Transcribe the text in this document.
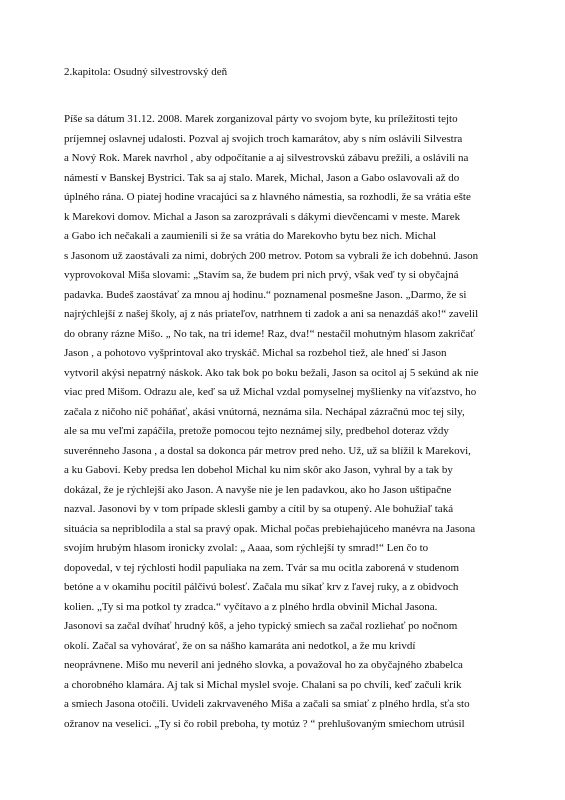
2.kapitola: Osudný silvestrovský deň
Píše sa dátum 31.12. 2008. Marek zorganizoval párty vo svojom byte, ku príležitosti tejto
príjemnej oslavnej udalosti. Pozval aj svojich troch kamarátov, aby s ním oslávili Silvestra
a Nový Rok. Marek navrhol , aby odpočítanie a aj silvestrovskú zábavu prežili, a oslávili na
námestí v Banskej Bystrici. Tak sa aj stalo. Marek, Michal, Jason a Gabo oslavovali až do
úplného rána. O piatej hodine vracajúci sa z hlavného námestia, sa rozhodli, že sa vrátia ešte
k Marekovi domov. Michal a Jason sa zarozprávali s dákymi dievčencami v meste. Marek
a Gabo ich nečakali a zaumienili si že sa vrátia do Marekovho bytu bez nich. Michal
s Jasonom už zaostávali za nimi, dobrých 200 metrov. Potom sa vybrali že ich dobehnú. Jason
vyprovokoval Mišа slovami: „Stavím sa, že budem pri nich prvý, však veď ty si obyčajná
padavka. Budeš zaostávať za mnou aj hodinu.“ poznamenal posmešne Jason. „Darmo, že si
najrýchlejší z našej školy, aj z nás priateľov, natrhnem ti zadok a ani sa nenazdáš ako!“ zavelil
do obrany rázne Mišo. „ No tak, na tri ideme! Raz, dva!“ nestačil mohutným hlasom zakričať
Jason , a pohotovo vyšprintoval ako tryskáč. Michal sa rozbehol tiež, ale hneď si Jason
vytvoril akýsi nepatrný náskok. Ako tak bok po boku bežali, Jason sa ocitol aj 5 sekúnd ak nie
viac pred Mišom. Odrazu ale, keď sa už Michal vzdal pomyselnej myšlienky na víťazstvo, ho
začala z ničoho nič poháňať, akási vnútorná, neznáma sila. Nechápal zázračnú moc tej sily,
ale sa mu veľmi zapáčila, pretože pomocou tejto neznámej sily, predbehol doteraz vždy
suverénneho Jasona , a dostal sa dokonca pár metrov pred neho. Už, už sa blížil k Marekovi,
a ku Gabovi. Keby predsa len dobehol Michal ku nim skôr ako Jason, vyhral by a tak by
dokázal, že je rýchlejší ako Jason. A navyše nie je len padavkou, ako ho Jason uštipačne
nazval. Jasonovi by v tom prípade sklesli gamby a cítil by sa otupený. Ale bohužiaľ taká
situácia sa nepriblodila a stal sa pravý opak. Michal počas prebiehajúceho manévra na Jasona
svojím hrubým hlasom ironicky zvolal: „ Aaaa, som rýchlejší ty smrad!“ Len čo to
dopovedal, v tej rýchlosti hodil papuliaka na zem. Tvár sa mu ocitla zaborená v studenom
betóne a v okamihu pocítil pálčivú bolesť. Začala mu síkať krv z ľavej ruky, a z obidvoch
kolien. „Ty si ma potkol ty zradca.“ vyčítavo a z plného hrdla obvinil Michal Jasona.
Jasonovi sa začal dvíhať hrudný kôš, a jeho typický smiech sa začal rozliehať po nočnom
okolí. Začal sa vyhovárať, že on sa nášho kamaráta ani nedotkol, a že mu krivdí
neoprávnene. Mišo mu neveril ani jedného slovka, a považoval ho za obyčajného zbabelca
a chorobného klamára. Aj tak si Michal myslel svoje. Chalani sa po chvíli, keď začuli krik
a smiech Jasona otočili. Uvideli zakrvaveného Miša a začali sa smiať z plného hrdla, sťa sto
ožranov na veselici. „Ty si čo robil preboha, ty motúz ? “ prehlušovaným smiechom utrúsil
